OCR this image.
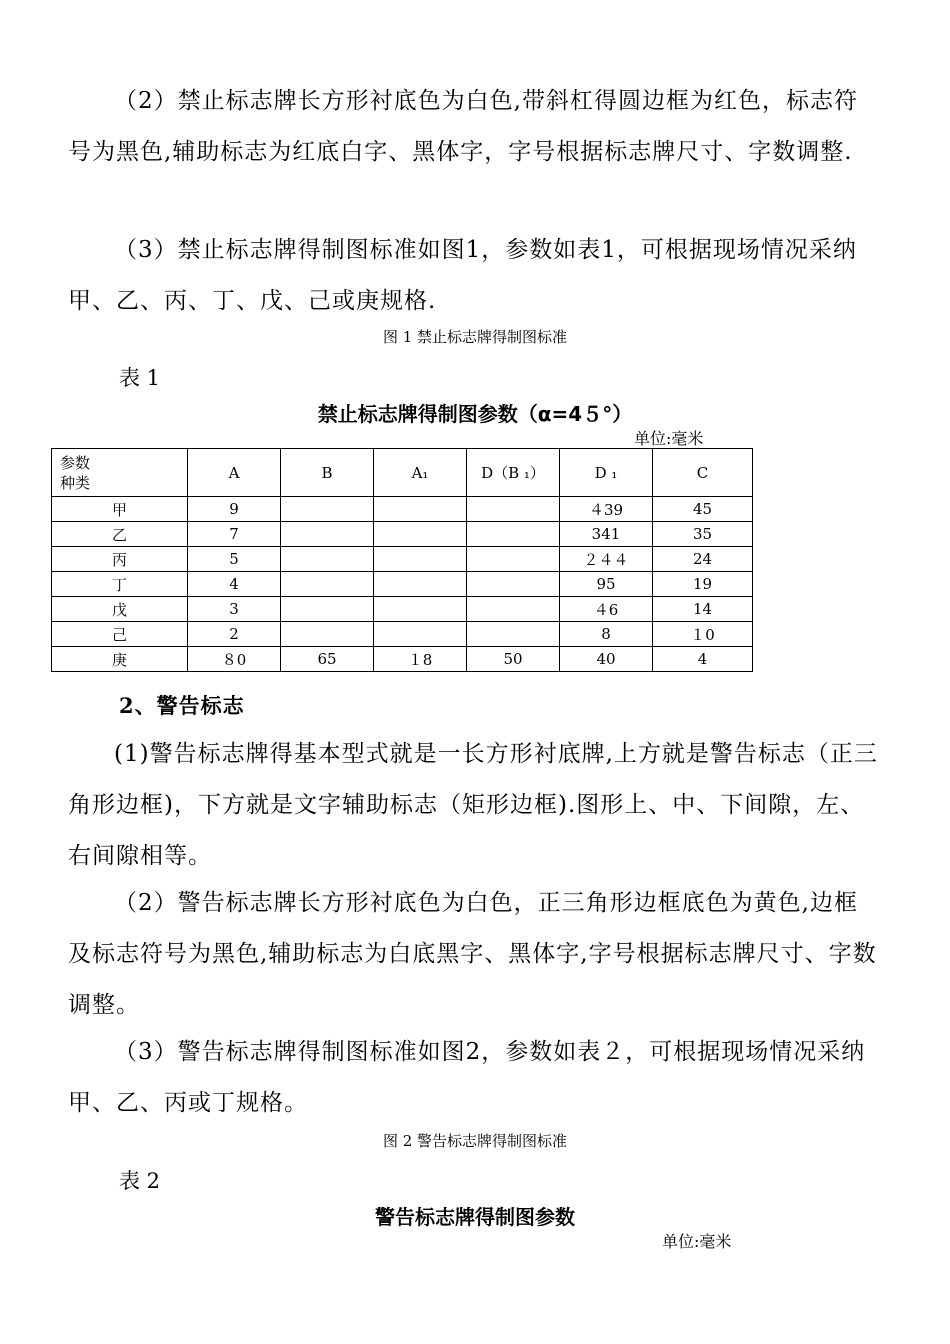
（2）禁止标志牌长方形衬底色为白色,带斜杠得圆边框为红色，标志符号为黑色,辅助标志为红底白字、黑体字，字号根据标志牌尺寸、字数调整.

（3）禁止标志牌得制图标准如图1，参数如表1，可根据现场情况采纳甲、乙、丙、丁、戊、己或庚规格.

图 1 禁止标志牌得制图标准

表 1

禁止标志牌得制图参数（α=4５°）

单位:毫米

参数
种类	A	B	A₁	D（B ₁）	D ₁	C
甲	9				４39	45
乙	7				341	35
丙	5				２４４	24
丁	4				95	19
戊	3				４6	14
己	2				8	１0
庚	８0	65	１8	50	40	4

2、警告标志

(1)警告标志牌得基本型式就是一长方形衬底牌,上方就是警告标志（正三角形边框)，下方就是文字辅助标志（矩形边框).图形上、中、下间隙，左、右间隙相等。

（2）警告标志牌长方形衬底色为白色，正三角形边框底色为黄色,边框及标志符号为黑色,辅助标志为白底黑字、黑体字,字号根据标志牌尺寸、字数调整。

（3）警告标志牌得制图标准如图2，参数如表２，可根据现场情况采纳甲、乙、丙或丁规格。

图 2 警告标志牌得制图标准

表 2

警告标志牌得制图参数

单位:毫米
